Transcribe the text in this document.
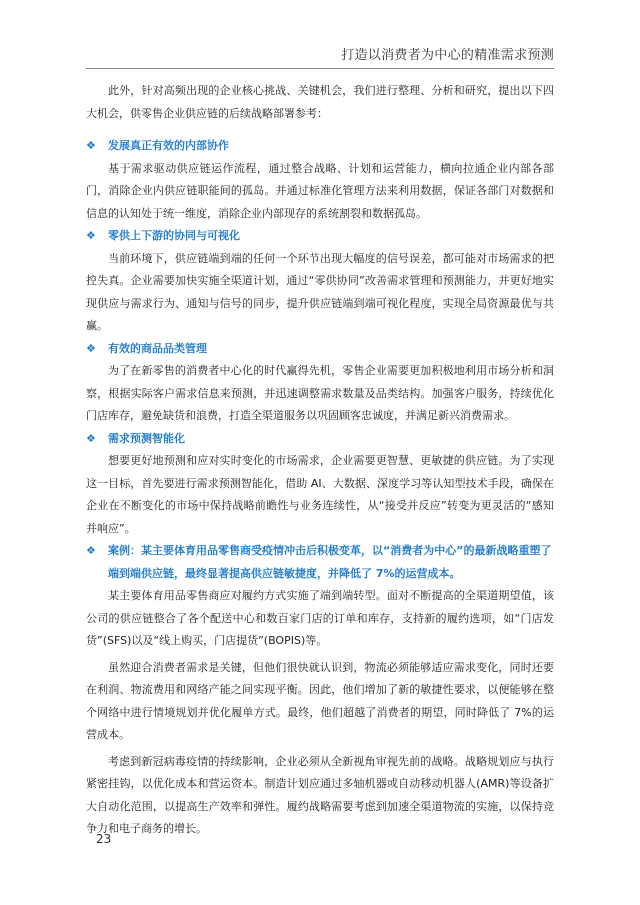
打造以消费者为中心的精准需求预测

此外，针对高频出现的企业核心挑战、关键机会，我们进行整理、分析和研究，提出以下四大机会，供零售企业供应链的后续战略部署参考：

❖	发展真正有效的内部协作

基于需求驱动供应链运作流程，通过整合战略、计划和运营能力，横向拉通企业内部各部门，消除企业内供应链职能间的孤岛。并通过标准化管理方法来利用数据，保证各部门对数据和信息的认知处于统一维度，消除企业内部现存的系统割裂和数据孤岛。

❖	零供上下游的协同与可视化

当前环境下，供应链端到端的任何一个环节出现大幅度的信号误差，都可能对市场需求的把控失真。企业需要加快实施全渠道计划，通过“零供协同”改善需求管理和预测能力，并更好地实现供应与需求行为、通知与信号的同步，提升供应链端到端可视化程度，实现全局资源最优与共赢。

❖	有效的商品品类管理

为了在新零售的消费者中心化的时代赢得先机，零售企业需要更加积极地利用市场分析和洞察，根据实际客户需求信息来预测，并迅速调整需求数量及品类结构。加强客户服务，持续优化门店库存，避免缺货和浪费，打造全渠道服务以巩固顾客忠诚度，并满足新兴消费需求。

❖	需求预测智能化

想要更好地预测和应对实时变化的市场需求，企业需要更智慧、更敏捷的供应链。为了实现这一目标，首先要进行需求预测智能化，借助 AI、大数据、深度学习等认知型技术手段，确保在企业在不断变化的市场中保持战略前瞻性与业务连续性，从“接受并反应”转变为更灵活的“感知并响应”。

❖	案例：某主要体育用品零售商受疫情冲击后积极变革，以“消费者为中心”的最新战略重塑了端到端供应链，最终显著提高供应链敏捷度，并降低了 7%的运营成本。

某主要体育用品零售商应对履约方式实施了端到端转型。面对不断提高的全渠道期望值，该公司的供应链整合了各个配送中心和数百家门店的订单和库存，支持新的履约选项，如“门店发货”(SFS)以及“线上购买，门店提货”(BOPIS)等。

虽然迎合消费者需求是关键，但他们很快就认识到，物流必须能够适应需求变化，同时还要在利润、物流费用和网络产能之间实现平衡。因此，他们增加了新的敏捷性要求，以便能够在整个网络中进行情境规划并优化履单方式。最终，他们超越了消费者的期望，同时降低了 7%的运营成本。

考虑到新冠病毒疫情的持续影响，企业必须从全新视角审视先前的战略。战略规划应与执行紧密挂钩，以优化成本和营运资本。制造计划应通过多轴机器或自动移动机器人(AMR)等设备扩大自动化范围，以提高生产效率和弹性。履约战略需要考虑到加速全渠道物流的实施，以保持竞争力和电子商务的增长。

23
